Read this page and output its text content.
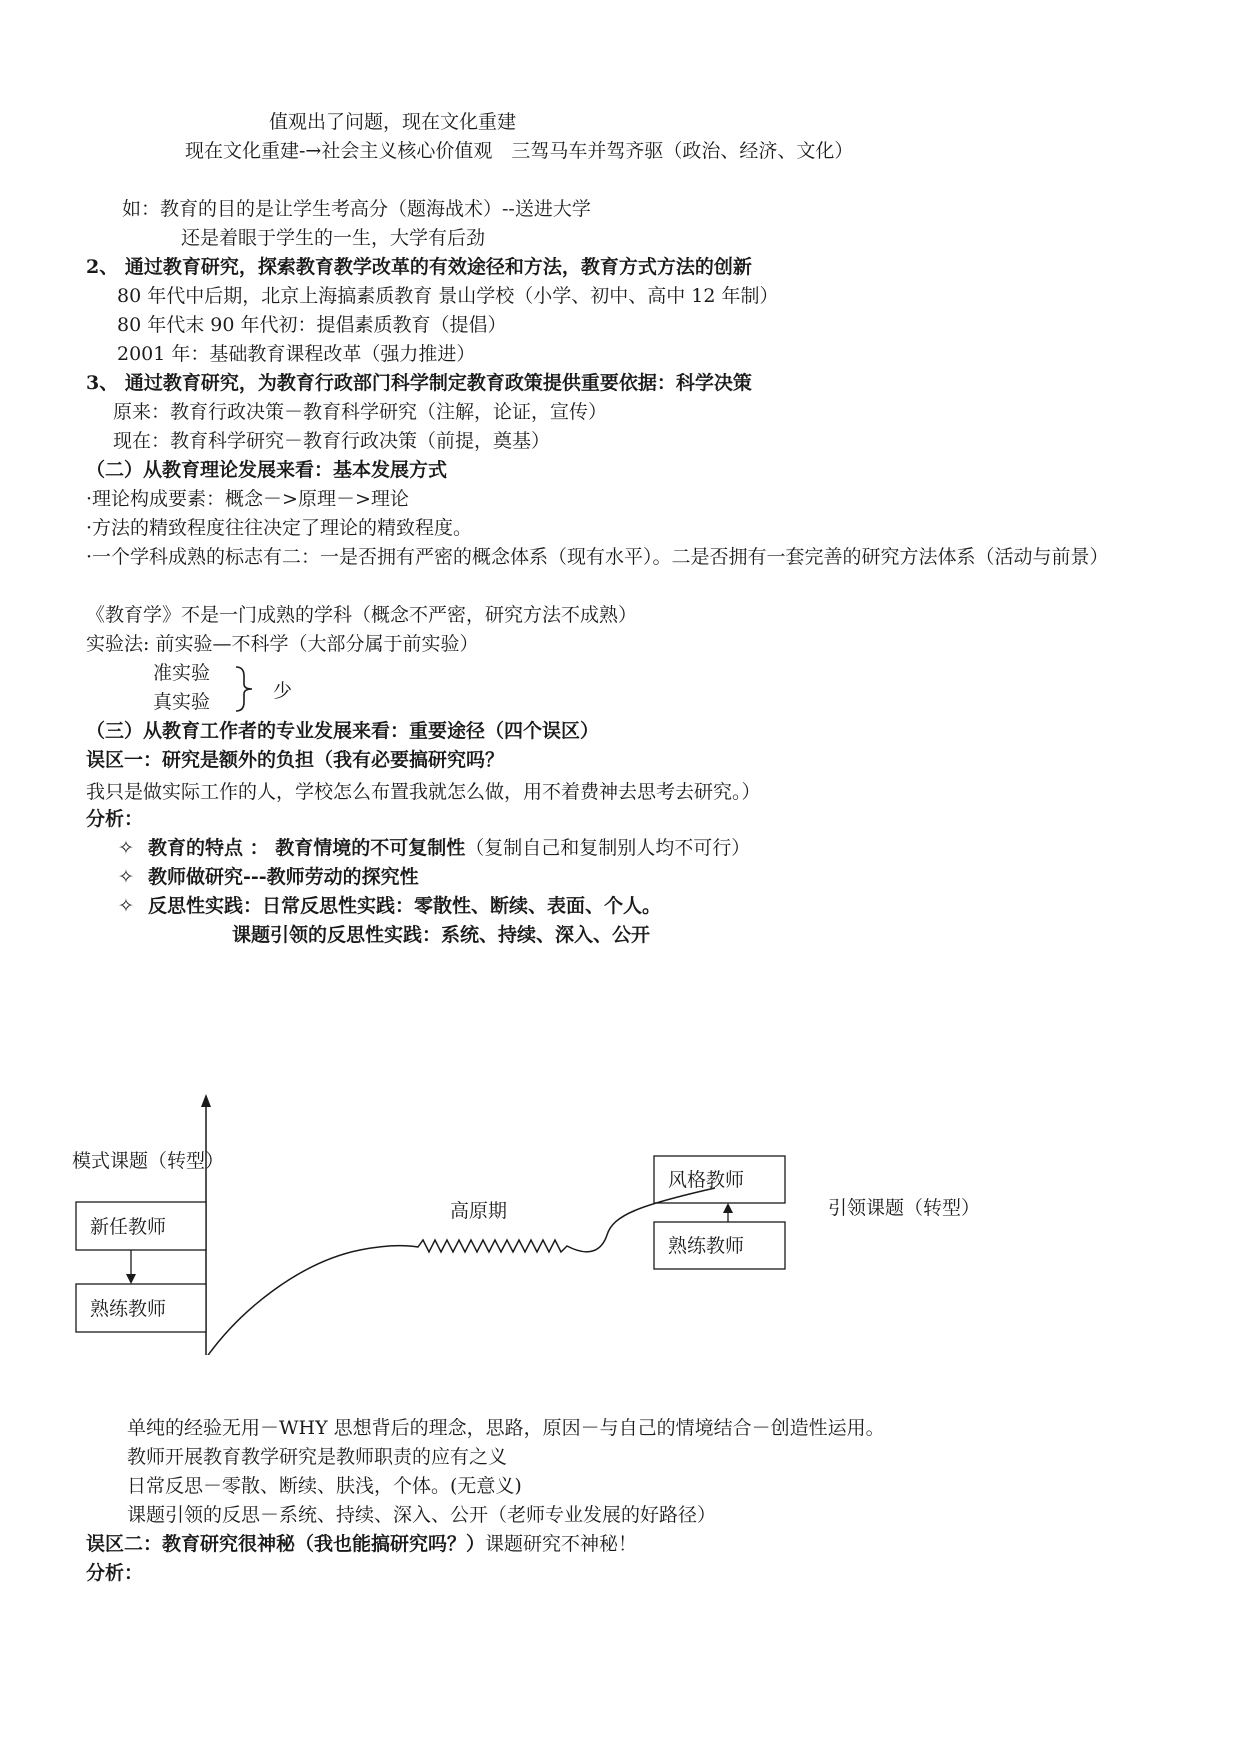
值观出了问题，现在文化重建
现在文化重建-→社会主义核心价值观　三驾马车并驾齐驱（政治、经济、文化）
如：教育的目的是让学生考高分（题海战术）--送进大学
还是着眼于学生的一生，大学有后劲
2、 通过教育研究，探索教育教学改革的有效途径和方法，教育方式方法的创新
80 年代中后期，北京上海搞素质教育 景山学校（小学、初中、高中 12 年制）
80 年代末 90 年代初：提倡素质教育（提倡）
2001 年：基础教育课程改革（强力推进）
3、 通过教育研究，为教育行政部门科学制定教育政策提供重要依据：科学决策
原来：教育行政决策－教育科学研究（注解，论证，宣传）
现在：教育科学研究－教育行政决策（前提，奠基）
（二）从教育理论发展来看：基本发展方式
·理论构成要素：概念－>原理－>理论
·方法的精致程度往往决定了理论的精致程度。
·一个学科成熟的标志有二：一是否拥有严密的概念体系（现有水平）。二是否拥有一套完善的研究方法体系（活动与前景）
《教育学》不是一门成熟的学科（概念不严密，研究方法不成熟）
实验法: 前实验—不科学（大部分属于前实验）
准实验
真实验	少
（三）从教育工作者的专业发展来看：重要途径（四个误区）
误区一：研究是额外的负担（我有必要搞研究吗？我只是做实际工作的人，学校怎么布置我就怎么做，用不着费神去思考去研究。）
分析：
✧ 教育的特点 ： 教育情境的不可复制性（复制自己和复制别人均不可行）
✧ 教师做研究---教师劳动的探究性
✧ 反思性实践：日常反思性实践：零散性、断续、表面、个人。
课题引领的反思性实践：系统、持续、深入、公开
模式课题（转型）
新任教师
熟练教师
高原期
风格教师
熟练教师
引领课题（转型）
单纯的经验无用－WHY 思想背后的理念，思路，原因－与自己的情境结合－创造性运用。
教师开展教育教学研究是教师职责的应有之义
日常反思－零散、断续、肤浅，个体。(无意义)
课题引领的反思－系统、持续、深入、公开（老师专业发展的好路径）
误区二：教育研究很神秘（我也能搞研究吗？）课题研究不神秘！
分析：
